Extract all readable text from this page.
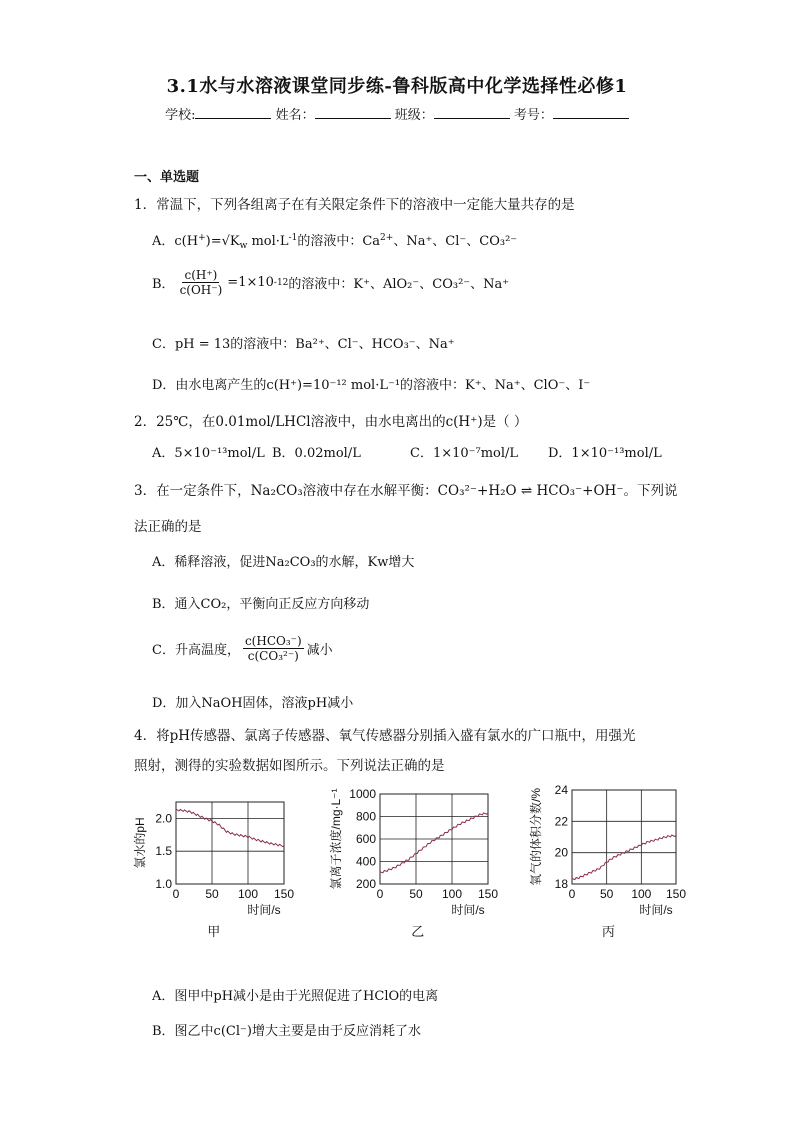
3.1水与水溶液课堂同步练-鲁科版高中化学选择性必修1
学校:	姓名：	班级：	考号：
一、单选题
1．常温下，下列各组离子在有关限定条件下的溶液中一定能大量共存的是
A．$c(H^+)=√K_w$ $mol\cdot L^{-1}$的溶液中：$Ca^{2+}$、Na⁺、Cl⁻、CO₃²⁻
B． $\frac{c(H^+)}{c(OH^-)} =1\times 10$ -12 的溶液中：K⁺、AlO₂⁻、CO₃²⁻、Na⁺
C．pH = 13的溶液中：Ba²⁺、Cl⁻、HCO₃⁻、Na⁺
D．由水电离产生的c(H⁺)=10⁻¹² mol·L⁻¹的溶液中：K⁺、Na⁺、ClO⁻、I⁻
2．25℃，在0.01mol/LHCl溶液中，由水电离出的c(H⁺)是（ ）
A．5×10⁻¹³mol/L B．0.02mol/L	C．1×10⁻⁷mol/L D．1×10⁻¹³mol/L
3．在一定条件下，Na₂CO₃溶液中存在水解平衡：CO₃²⁻+H₂O ⇌ HCO₃⁻+OH⁻。下列说
法正确的是
A．稀释溶液，促进Na₂CO₃的水解，Kw增大
B．通入CO₂，平衡向正反应方向移动
C．升高温度， $\frac{\text{c(HCO₃⁻)}}{\text{c(CO₃²⁻)}}$ 减小
D．加入NaOH固体，溶液pH减小
4．将pH传感器、氯离子传感器、氧气传感器分别插入盛有氯水的广口瓶中，用强光
照射，测得的实验数据如图所示。下列说法正确的是
0 50 100 150
1.0
1.5
2.0
氯水的pH
时间/s
甲
0 50 100 150
200
400
600
800
1000
氯离子浓度/mg·L⁻¹
时间/s
乙
0 50 100 150
18
20
22
24
氧气的体积分数/%
时间/s
丙
A．图甲中pH减小是由于光照促进了HClO的电离
B．图乙中c(Cl⁻)增大主要是由于反应消耗了水
